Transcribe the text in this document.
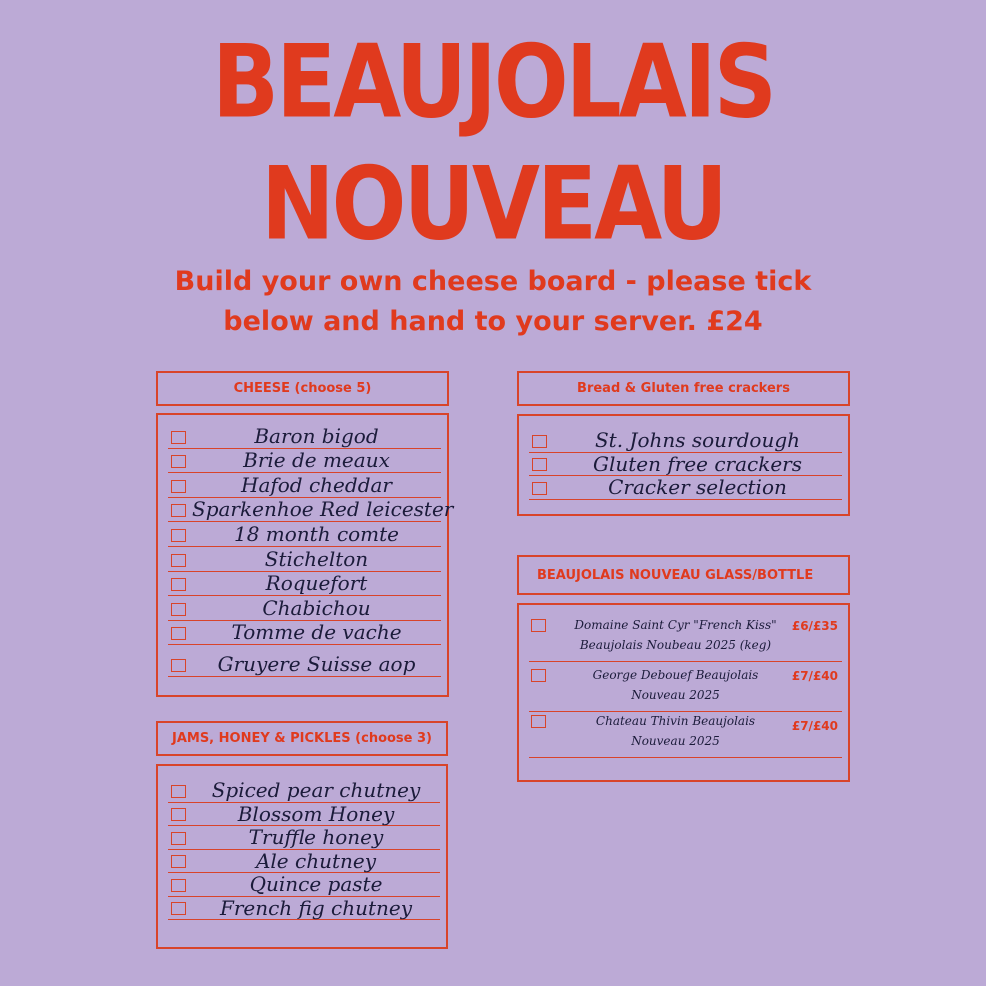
BEAUJOLAIS
NOUVEAU
Build your own cheese board - please tick
below and hand to your server. £24
CHEESE (choose 5)
Baron bigod
Brie de meaux
Hafod cheddar
Sparkenhoe Red leicester
18 month comte
Stichelton
Roquefort
Chabichou
Tomme de vache
Gruyere Suisse aop
JAMS, HONEY & PICKLES (choose 3)
Spiced pear chutney
Blossom Honey
Truffle honey
Ale chutney
Quince paste
French fig chutney
Bread & Gluten free crackers
St. Johns sourdough
Gluten free crackers
Cracker selection
BEAUJOLAIS NOUVEAU GLASS/BOTTLE
Domaine Saint Cyr "French Kiss"
Beaujolais Noubeau 2025 (keg)
£6/£35
George Debouef Beaujolais
Nouveau 2025
£7/£40
Chateau Thivin Beaujolais
Nouveau 2025
£7/£40
